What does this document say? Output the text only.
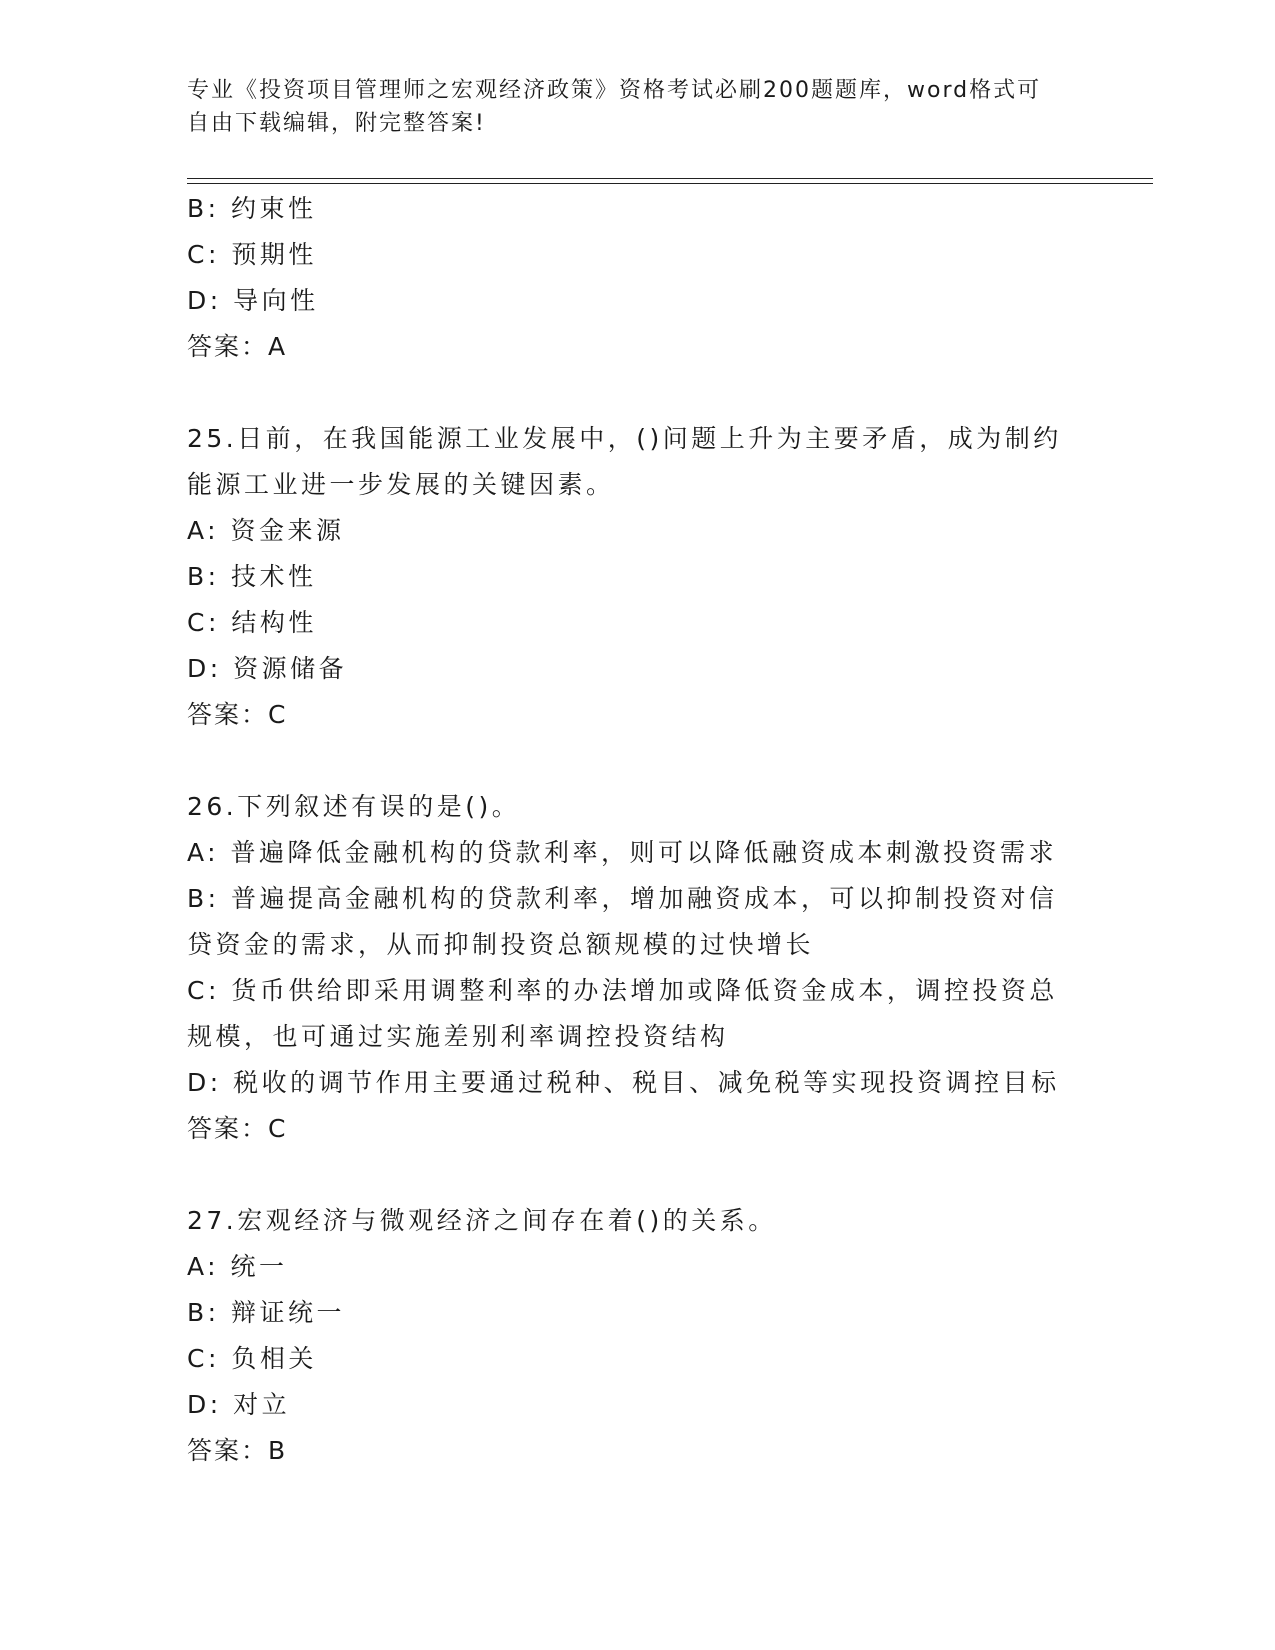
专业《投资项目管理师之宏观经济政策》资格考试必刷200题题库，word格式可
自由下载编辑，附完整答案!
B: 约束性
C: 预期性
D: 导向性
答案：A
25.日前，在我国能源工业发展中，()问题上升为主要矛盾，成为制约
能源工业进一步发展的关键因素。
A: 资金来源
B: 技术性
C: 结构性
D: 资源储备
答案：C
26.下列叙述有误的是()。
A: 普遍降低金融机构的贷款利率，则可以降低融资成本刺激投资需求
B: 普遍提高金融机构的贷款利率，增加融资成本，可以抑制投资对信
贷资金的需求，从而抑制投资总额规模的过快增长
C: 货币供给即采用调整利率的办法增加或降低资金成本，调控投资总
规模，也可通过实施差别利率调控投资结构
D: 税收的调节作用主要通过税种、税目、减免税等实现投资调控目标
答案：C
27.宏观经济与微观经济之间存在着()的关系。
A: 统一
B: 辩证统一
C: 负相关
D: 对立
答案：B
